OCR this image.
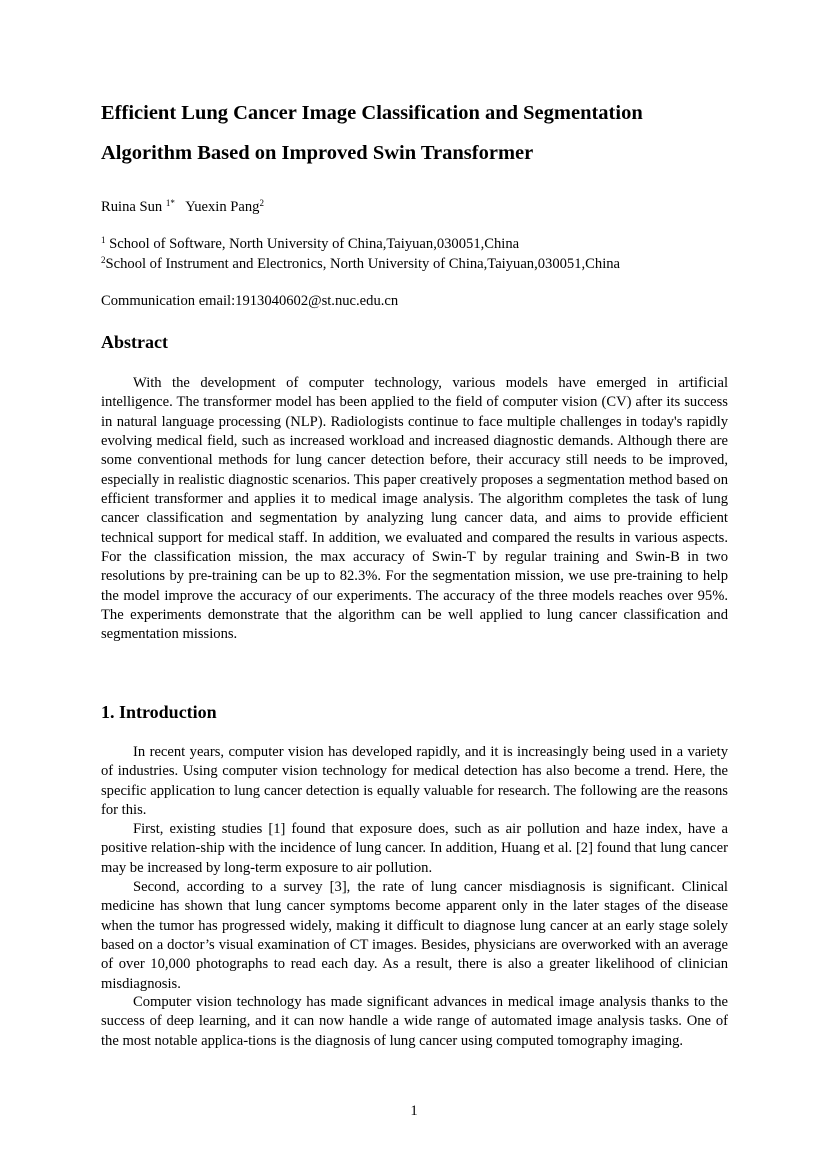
Efficient Lung Cancer Image Classification and Segmentation
Algorithm Based on Improved Swin Transformer
Ruina Sun $^{1*}$ Yuexin Pang$^2$
$^1$ School of Software, North University of China,Taiyuan,030051,China
$^2$School of Instrument and Electronics, North University of China,Taiyuan,030051,China
Communication email:1913040602@st.nuc.edu.cn
Abstract

With the development of computer technology, various models have emerged in artificial intelligence. The transformer model has been applied to the field of computer vision (CV) after its success in natural language processing (NLP). Radiologists continue to face multiple challenges in today's rapidly evolving medical field, such as increased workload and increased diagnostic demands. Although there are some conventional methods for lung cancer detection before, their accuracy still needs to be improved, especially in realistic diagnostic scenarios. This paper creatively proposes a segmentation method based on efficient transformer and applies it to medical image analysis. The algorithm completes the task of lung cancer classification and segmentation by analyzing lung cancer data, and aims to provide efficient technical support for medical staff. In addition, we evaluated and compared the results in various aspects. For the classification mission, the max accuracy of Swin-T by regular training and Swin-B in two resolutions by pre-training can be up to 82.3%. For the segmentation mission, we use pre-training to help the model improve the accuracy of our experiments. The accuracy of the three models reaches over 95%. The experiments demonstrate that the algorithm can be well applied to lung cancer classification and segmentation missions.

1. Introduction

In recent years, computer vision has developed rapidly, and it is increasingly being used in a variety of industries. Using computer vision technology for medical detection has also become a trend. Here, the specific application to lung cancer detection is equally valuable for research. The following are the reasons for this.

First, existing studies [1] found that exposure does, such as air pollution and haze index, have a positive relation-ship with the incidence of lung cancer. In addition, Huang et al. [2] found that lung cancer may be increased by long-term exposure to air pollution.

Second, according to a survey [3], the rate of lung cancer misdiagnosis is significant. Clinical medicine has shown that lung cancer symptoms become apparent only in the later stages of the disease when the tumor has progressed widely, making it difficult to diagnose lung cancer at an early stage solely based on a doctor’s visual examination of CT images. Besides, physicians are overworked with an average of over 10,000 photographs to read each day. As a result, there is also a greater likelihood of clinician misdiagnosis.

Computer vision technology has made significant advances in medical image analysis thanks to the success of deep learning, and it can now handle a wide range of automated image analysis tasks. One of the most notable applica-tions is the diagnosis of lung cancer using computed tomography imaging.

1
